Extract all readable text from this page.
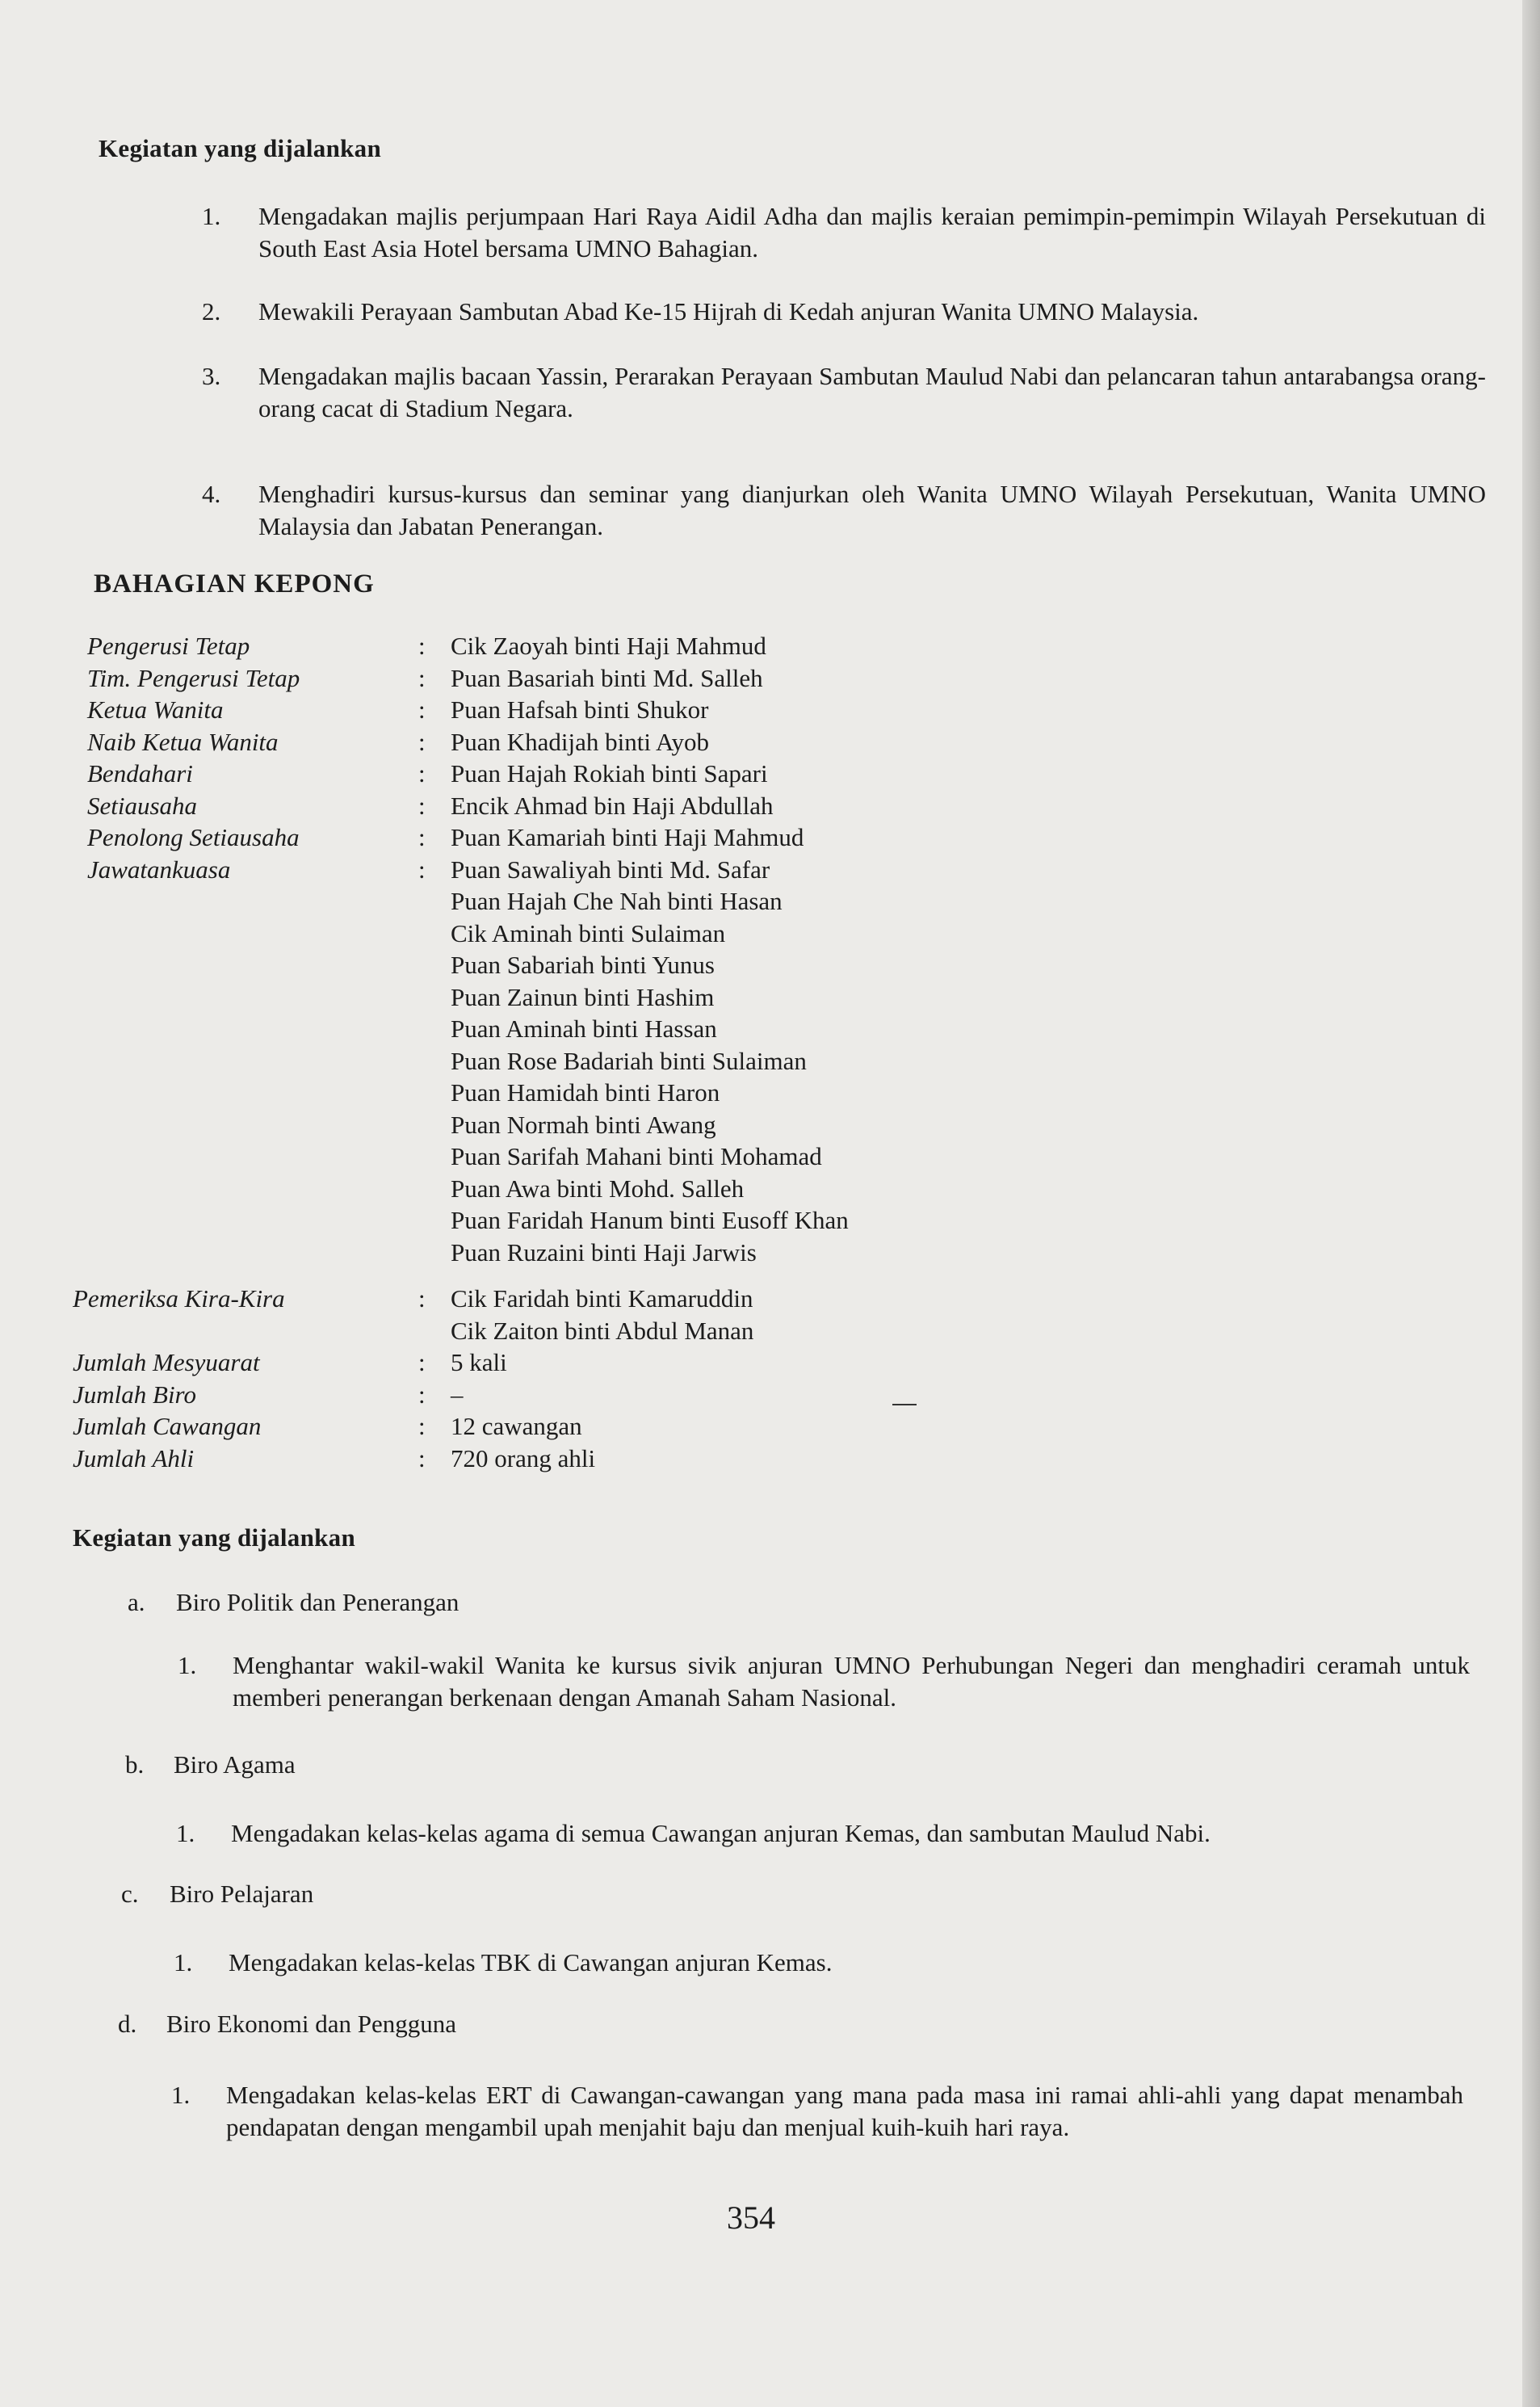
Kegiatan yang dijalankan
1. Mengadakan majlis perjumpaan Hari Raya Aidil Adha dan majlis keraian pemimpin-pemimpin Wilayah Persekutuan di South East Asia Hotel bersama UMNO Bahagian.
2. Mewakili Perayaan Sambutan Abad Ke-15 Hijrah di Kedah anjuran Wanita UMNO Malaysia.
3. Mengadakan majlis bacaan Yassin, Perarakan Perayaan Sambutan Maulud Nabi dan pelancaran tahun antarabangsa orang-orang cacat di Stadium Negara.
4. Menghadiri kursus-kursus dan seminar yang dianjurkan oleh Wanita UMNO Wilayah Persekutuan, Wanita UMNO Malaysia dan Jabatan Penerangan.
BAHAGIAN KEPONG
Pengerusi Tetap	: Cik Zaoyah binti Haji Mahmud
Tim. Pengerusi Tetap	: Puan Basariah binti Md. Salleh
Ketua Wanita	: Puan Hafsah binti Shukor
Naib Ketua Wanita	: Puan Khadijah binti Ayob
Bendahari	: Puan Hajah Rokiah binti Sapari
Setiausaha	: Encik Ahmad bin Haji Abdullah
Penolong Setiausaha	: Puan Kamariah binti Haji Mahmud
Jawatankuasa	: Puan Sawaliyah binti Md. Safar
Puan Hajah Che Nah binti Hasan
Cik Aminah binti Sulaiman
Puan Sabariah binti Yunus
Puan Zainun binti Hashim
Puan Aminah binti Hassan
Puan Rose Badariah binti Sulaiman
Puan Hamidah binti Haron
Puan Normah binti Awang
Puan Sarifah Mahani binti Mohamad
Puan Awa binti Mohd. Salleh
Puan Faridah Hanum binti Eusoff Khan
Puan Ruzaini binti Haji Jarwis
Pemeriksa Kira-Kira	: Cik Faridah binti Kamaruddin
Cik Zaiton binti Abdul Manan
Jumlah Mesyuarat	: 5 kali
Jumlah Biro	: –
Jumlah Cawangan	: 12 cawangan
Jumlah Ahli	: 720 orang ahli
Kegiatan yang dijalankan
a. Biro Politik dan Penerangan
1. Menghantar wakil-wakil Wanita ke kursus sivik anjuran UMNO Perhubungan Negeri dan menghadiri ceramah untuk memberi penerangan berkenaan dengan Amanah Saham Nasional.
b. Biro Agama
1. Mengadakan kelas-kelas agama di semua Cawangan anjuran Kemas, dan sambutan Maulud Nabi.
c. Biro Pelajaran
1. Mengadakan kelas-kelas TBK di Cawangan anjuran Kemas.
d. Biro Ekonomi dan Pengguna
1. Mengadakan kelas-kelas ERT di Cawangan-cawangan yang mana pada masa ini ramai ahli-ahli yang dapat menambah pendapatan dengan mengambil upah menjahit baju dan menjual kuih-kuih hari raya.
354
